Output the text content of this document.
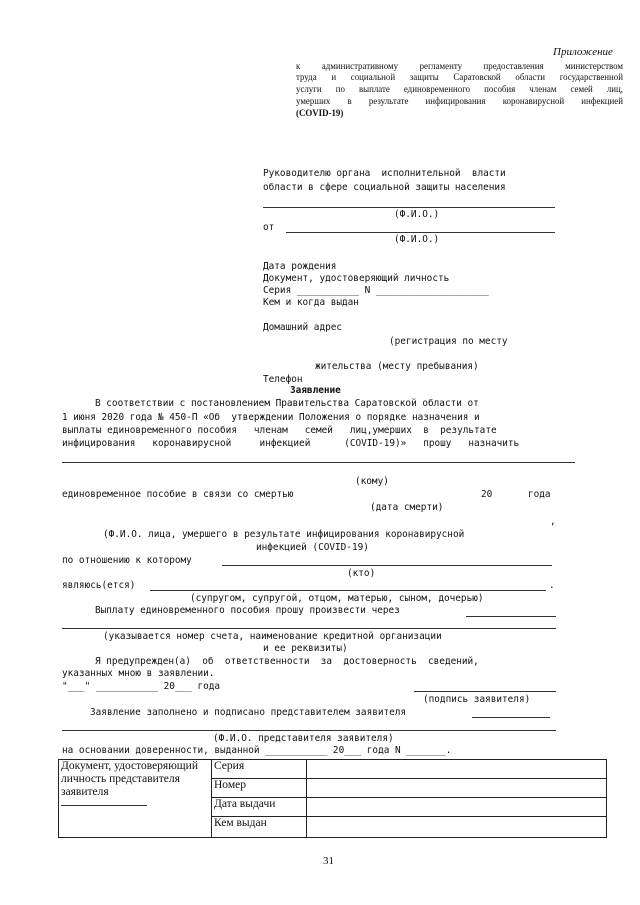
Приложение
к административному регламенту предоставления министерством
труда и социальной защиты Саратовской области государственной
услуги по выплате единовременного пособия членам семей лиц,
умерших в результате инфицирования коронавирусной инфекцией
(COVID-19)
Руководителю органа  исполнительной  власти
области в сфере социальной защиты населения
(Ф.И.О.)
от
(Ф.И.О.)
Дата рождения
Документ, удостоверяющий личность
Серия ___________ N ____________________
Кем и когда выдан
Домашний адрес
(регистрация по месту
жительства (месту пребывания)
Телефон
Заявление
В соответствии с постановлением Правительства Саратовской области от
1 июня 2020 года № 450-П «Об  утверждении Положения о порядке назначения и
выплаты единовременного пособия   членам   семей   лиц,умерших  в  результате
инфицирования   коронавирусной     инфекцией      (COVID-19)»   прошу   назначить
(кому)
единовременное пособие в связи со смертью	20	года
(дата смерти)
,
(Ф.И.О. лица, умершего в результате инфицирования коронавирусной
инфекцией (COVID-19)
по отношению к которому
(кто)
являюсь(ется)	.
(супругом, супругой, отцом, матерью, сыном, дочерью)
Выплату единовременного пособия прошу произвести через
(указывается номер счета, наименование кредитной организации
и ее реквизиты)
Я предупрежден(а)  об  ответственности  за  достоверность  сведений,
указанных мною в заявлении.
"___" ___________ 20___ года
(подпись заявителя)
Заявление заполнено и подписано представителем заявителя
(Ф.И.О. представителя заявителя)
на основании доверенности, выданной ___________ 20___ года N _______.
Документ, удостоверяющий личность представителя заявителя	Серия	
	Номер	
	Дата выдачи	
	Кем выдан	
31
